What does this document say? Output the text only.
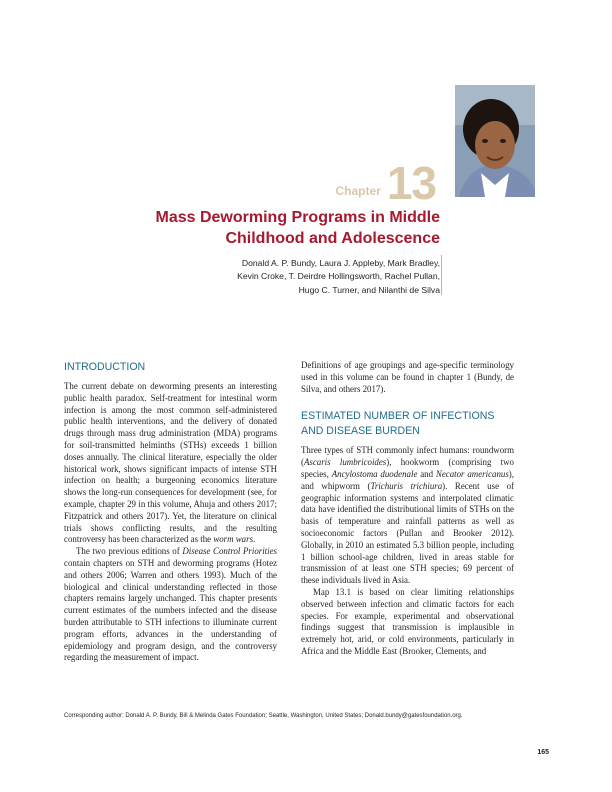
Chapter 13
Mass Deworming Programs in Middle
Childhood and Adolescence
Donald A. P. Bundy, Laura J. Appleby, Mark Bradley,
Kevin Croke, T. Deirdre Hollingsworth, Rachel Pullan,
Hugo C. Turner, and Nilanthi de Silva
INTRODUCTION

The current debate on deworming presents an interesting public health paradox. Self-treatment for intestinal worm infection is among the most common self-administered public health interventions, and the delivery of donated drugs through mass drug administration (MDA) programs for soil-transmitted helminths (STHs) exceeds 1 billion doses annually. The clinical literature, especially the older historical work, shows significant impacts of intense STH infection on health; a burgeoning economics literature shows the long-run consequences for development (see, for example, chapter 29 in this volume, Ahuja and others 2017; Fitzpatrick and others 2017). Yet, the literature on clinical trials shows conflicting results, and the resulting controversy has been characterized as the worm wars.

The two previous editions of Disease Control Priorities contain chapters on STH and deworming programs (Hotez and others 2006; Warren and others 1993). Much of the biological and clinical understanding reflected in those chapters remains largely unchanged. This chapter presents current estimates of the numbers infected and the disease burden attributable to STH infections to illuminate current program efforts, advances in the understanding of epidemiology and program design, and the controversy regarding the measurement of impact.

Definitions of age groupings and age-specific terminology used in this volume can be found in chapter 1 (Bundy, de Silva, and others 2017).

ESTIMATED NUMBER OF INFECTIONS AND DISEASE BURDEN

Three types of STH commonly infect humans: roundworm (Ascaris lumbricoides), hookworm (comprising two species, Ancylostoma duodenale and Necator americanus), and whipworm (Trichuris trichiura). Recent use of geographic information systems and interpolated climatic data have identified the distributional limits of STHs on the basis of temperature and rainfall patterns as well as socioeconomic factors (Pullan and Brooker 2012). Globally, in 2010 an estimated 5.3 billion people, including 1 billion school-age children, lived in areas stable for transmission of at least one STH species; 69 percent of these individuals lived in Asia.

Map 13.1 is based on clear limiting relationships observed between infection and climatic factors for each species. For example, experimental and observational findings suggest that transmission is implausible in extremely hot, arid, or cold environments, particularly in Africa and the Middle East (Brooker, Clements, and

Corresponding author: Donald A. P. Bundy, Bill & Melinda Gates Foundation; Seattle, Washington, United States; Donald.bundy@gatesfoundation.org.
165
